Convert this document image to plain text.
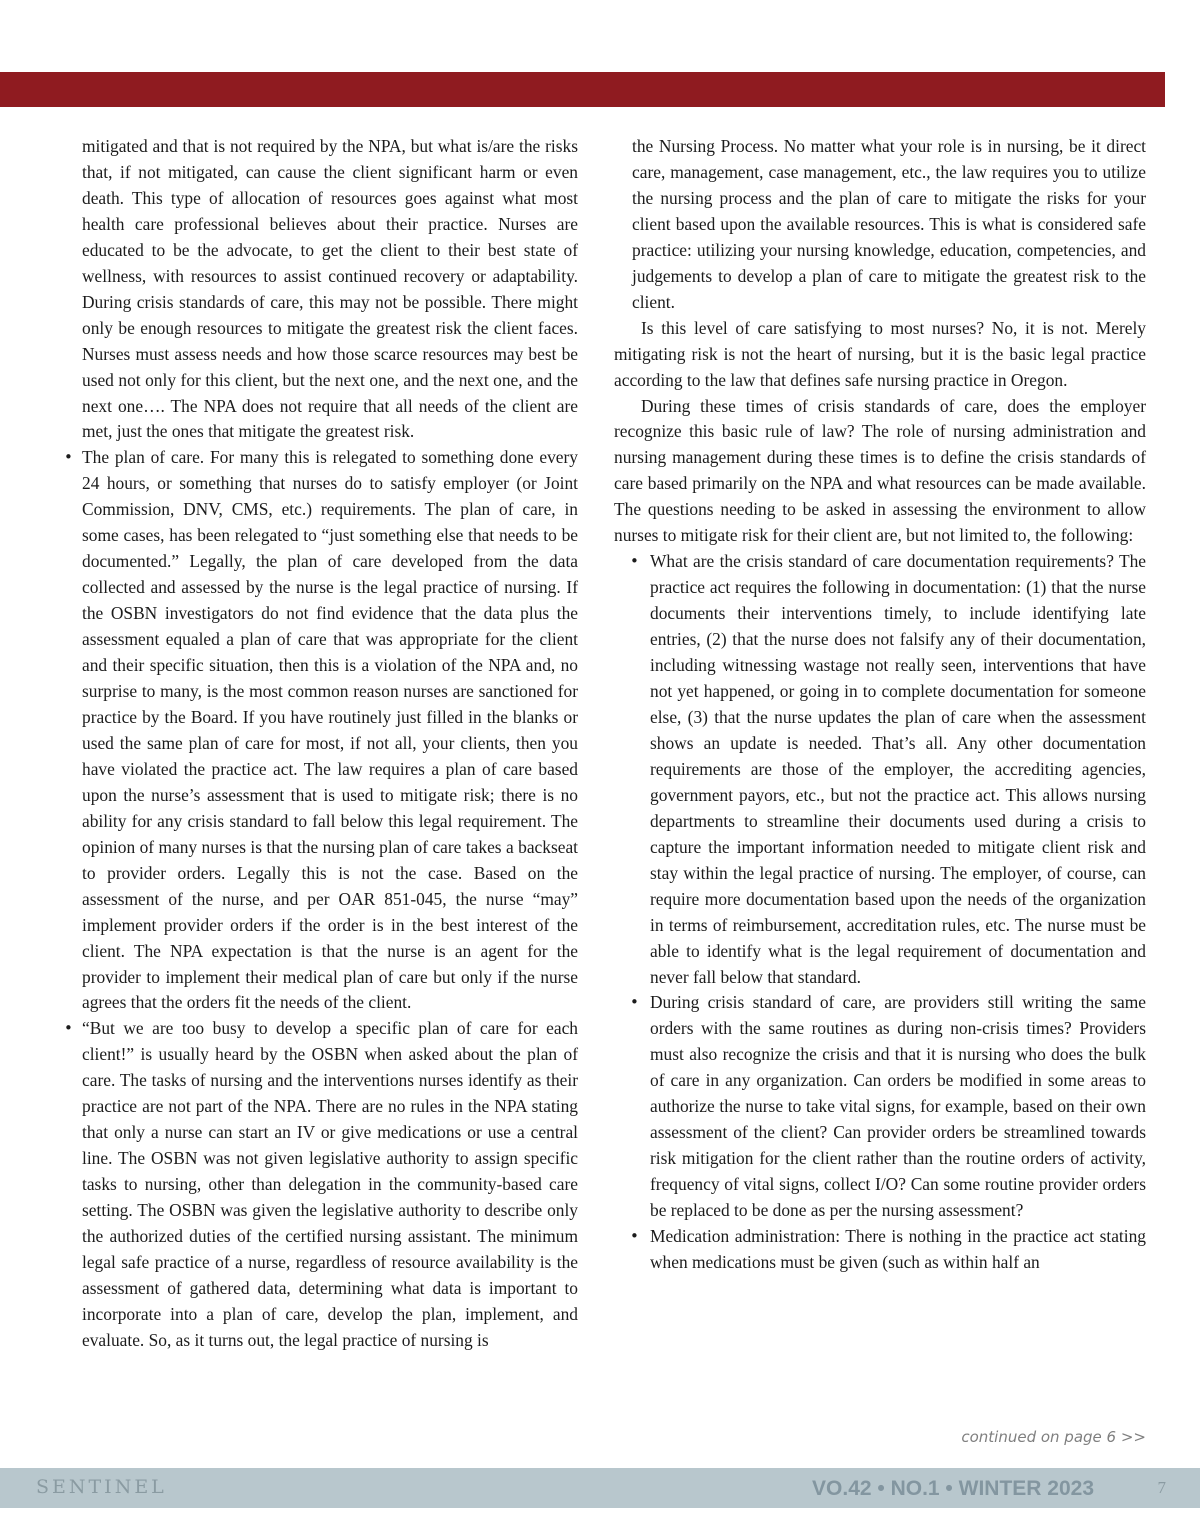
mitigated and that is not required by the NPA, but what is/are the risks that, if not mitigated, can cause the client significant harm or even death. This type of allocation of resources goes against what most health care professional believes about their practice. Nurses are educated to be the advocate, to get the client to their best state of wellness, with resources to assist continued recovery or adaptability. During crisis standards of care, this may not be possible. There might only be enough resources to mitigate the greatest risk the client faces. Nurses must assess needs and how those scarce resources may best be used not only for this client, but the next one, and the next one, and the next one…. The NPA does not require that all needs of the client are met, just the ones that mitigate the greatest risk.

• The plan of care. For many this is relegated to something done every 24 hours, or something that nurses do to satisfy employer (or Joint Commission, DNV, CMS, etc.) requirements. The plan of care, in some cases, has been relegated to “just something else that needs to be documented.” Legally, the plan of care developed from the data collected and assessed by the nurse is the legal practice of nursing. If the OSBN investigators do not find evidence that the data plus the assessment equaled a plan of care that was appropriate for the client and their specific situation, then this is a violation of the NPA and, no surprise to many, is the most common reason nurses are sanctioned for practice by the Board. If you have routinely just filled in the blanks or used the same plan of care for most, if not all, your clients, then you have violated the practice act. The law requires a plan of care based upon the nurse’s assessment that is used to mitigate risk; there is no ability for any crisis standard to fall below this legal requirement. The opinion of many nurses is that the nursing plan of care takes a backseat to provider orders. Legally this is not the case. Based on the assessment of the nurse, and per OAR 851-045, the nurse “may” implement provider orders if the order is in the best interest of the client. The NPA expectation is that the nurse is an agent for the provider to implement their medical plan of care but only if the nurse agrees that the orders fit the needs of the client.

• “But we are too busy to develop a specific plan of care for each client!” is usually heard by the OSBN when asked about the plan of care. The tasks of nursing and the interventions nurses identify as their practice are not part of the NPA. There are no rules in the NPA stating that only a nurse can start an IV or give medications or use a central line. The OSBN was not given legislative authority to assign specific tasks to nursing, other than delegation in the community-based care setting. The OSBN was given the legislative authority to describe only the authorized duties of the certified nursing assistant. The minimum legal safe practice of a nurse, regardless of resource availability is the assessment of gathered data, determining what data is important to incorporate into a plan of care, develop the plan, implement, and evaluate. So, as it turns out, the legal practice of nursing is

the Nursing Process. No matter what your role is in nursing, be it direct care, management, case management, etc., the law requires you to utilize the nursing process and the plan of care to mitigate the risks for your client based upon the available resources. This is what is considered safe practice: utilizing your nursing knowledge, education, competencies, and judgements to develop a plan of care to mitigate the greatest risk to the client.

Is this level of care satisfying to most nurses? No, it is not. Merely mitigating risk is not the heart of nursing, but it is the basic legal practice according to the law that defines safe nursing practice in Oregon.

During these times of crisis standards of care, does the employer recognize this basic rule of law? The role of nursing administration and nursing management during these times is to define the crisis standards of care based primarily on the NPA and what resources can be made available. The questions needing to be asked in assessing the environment to allow nurses to mitigate risk for their client are, but not limited to, the following:

• What are the crisis standard of care documentation requirements? The practice act requires the following in documentation: (1) that the nurse documents their interventions timely, to include identifying late entries, (2) that the nurse does not falsify any of their documentation, including witnessing wastage not really seen, interventions that have not yet happened, or going in to complete documentation for someone else, (3) that the nurse updates the plan of care when the assessment shows an update is needed. That’s all. Any other documentation requirements are those of the employer, the accrediting agencies, government payors, etc., but not the practice act. This allows nursing departments to streamline their documents used during a crisis to capture the important information needed to mitigate client risk and stay within the legal practice of nursing. The employer, of course, can require more documentation based upon the needs of the organization in terms of reimbursement, accreditation rules, etc. The nurse must be able to identify what is the legal requirement of documentation and never fall below that standard.

• During crisis standard of care, are providers still writing the same orders with the same routines as during non-crisis times? Providers must also recognize the crisis and that it is nursing who does the bulk of care in any organization. Can orders be modified in some areas to authorize the nurse to take vital signs, for example, based on their own assessment of the client? Can provider orders be streamlined towards risk mitigation for the client rather than the routine orders of activity, frequency of vital signs, collect I/O? Can some routine provider orders be replaced to be done as per the nursing assessment?

• Medication administration: There is nothing in the practice act stating when medications must be given (such as within half an

continued on page 6 >>
SENTINEL	VO.42 • NO.1 • WINTER 2023	7
